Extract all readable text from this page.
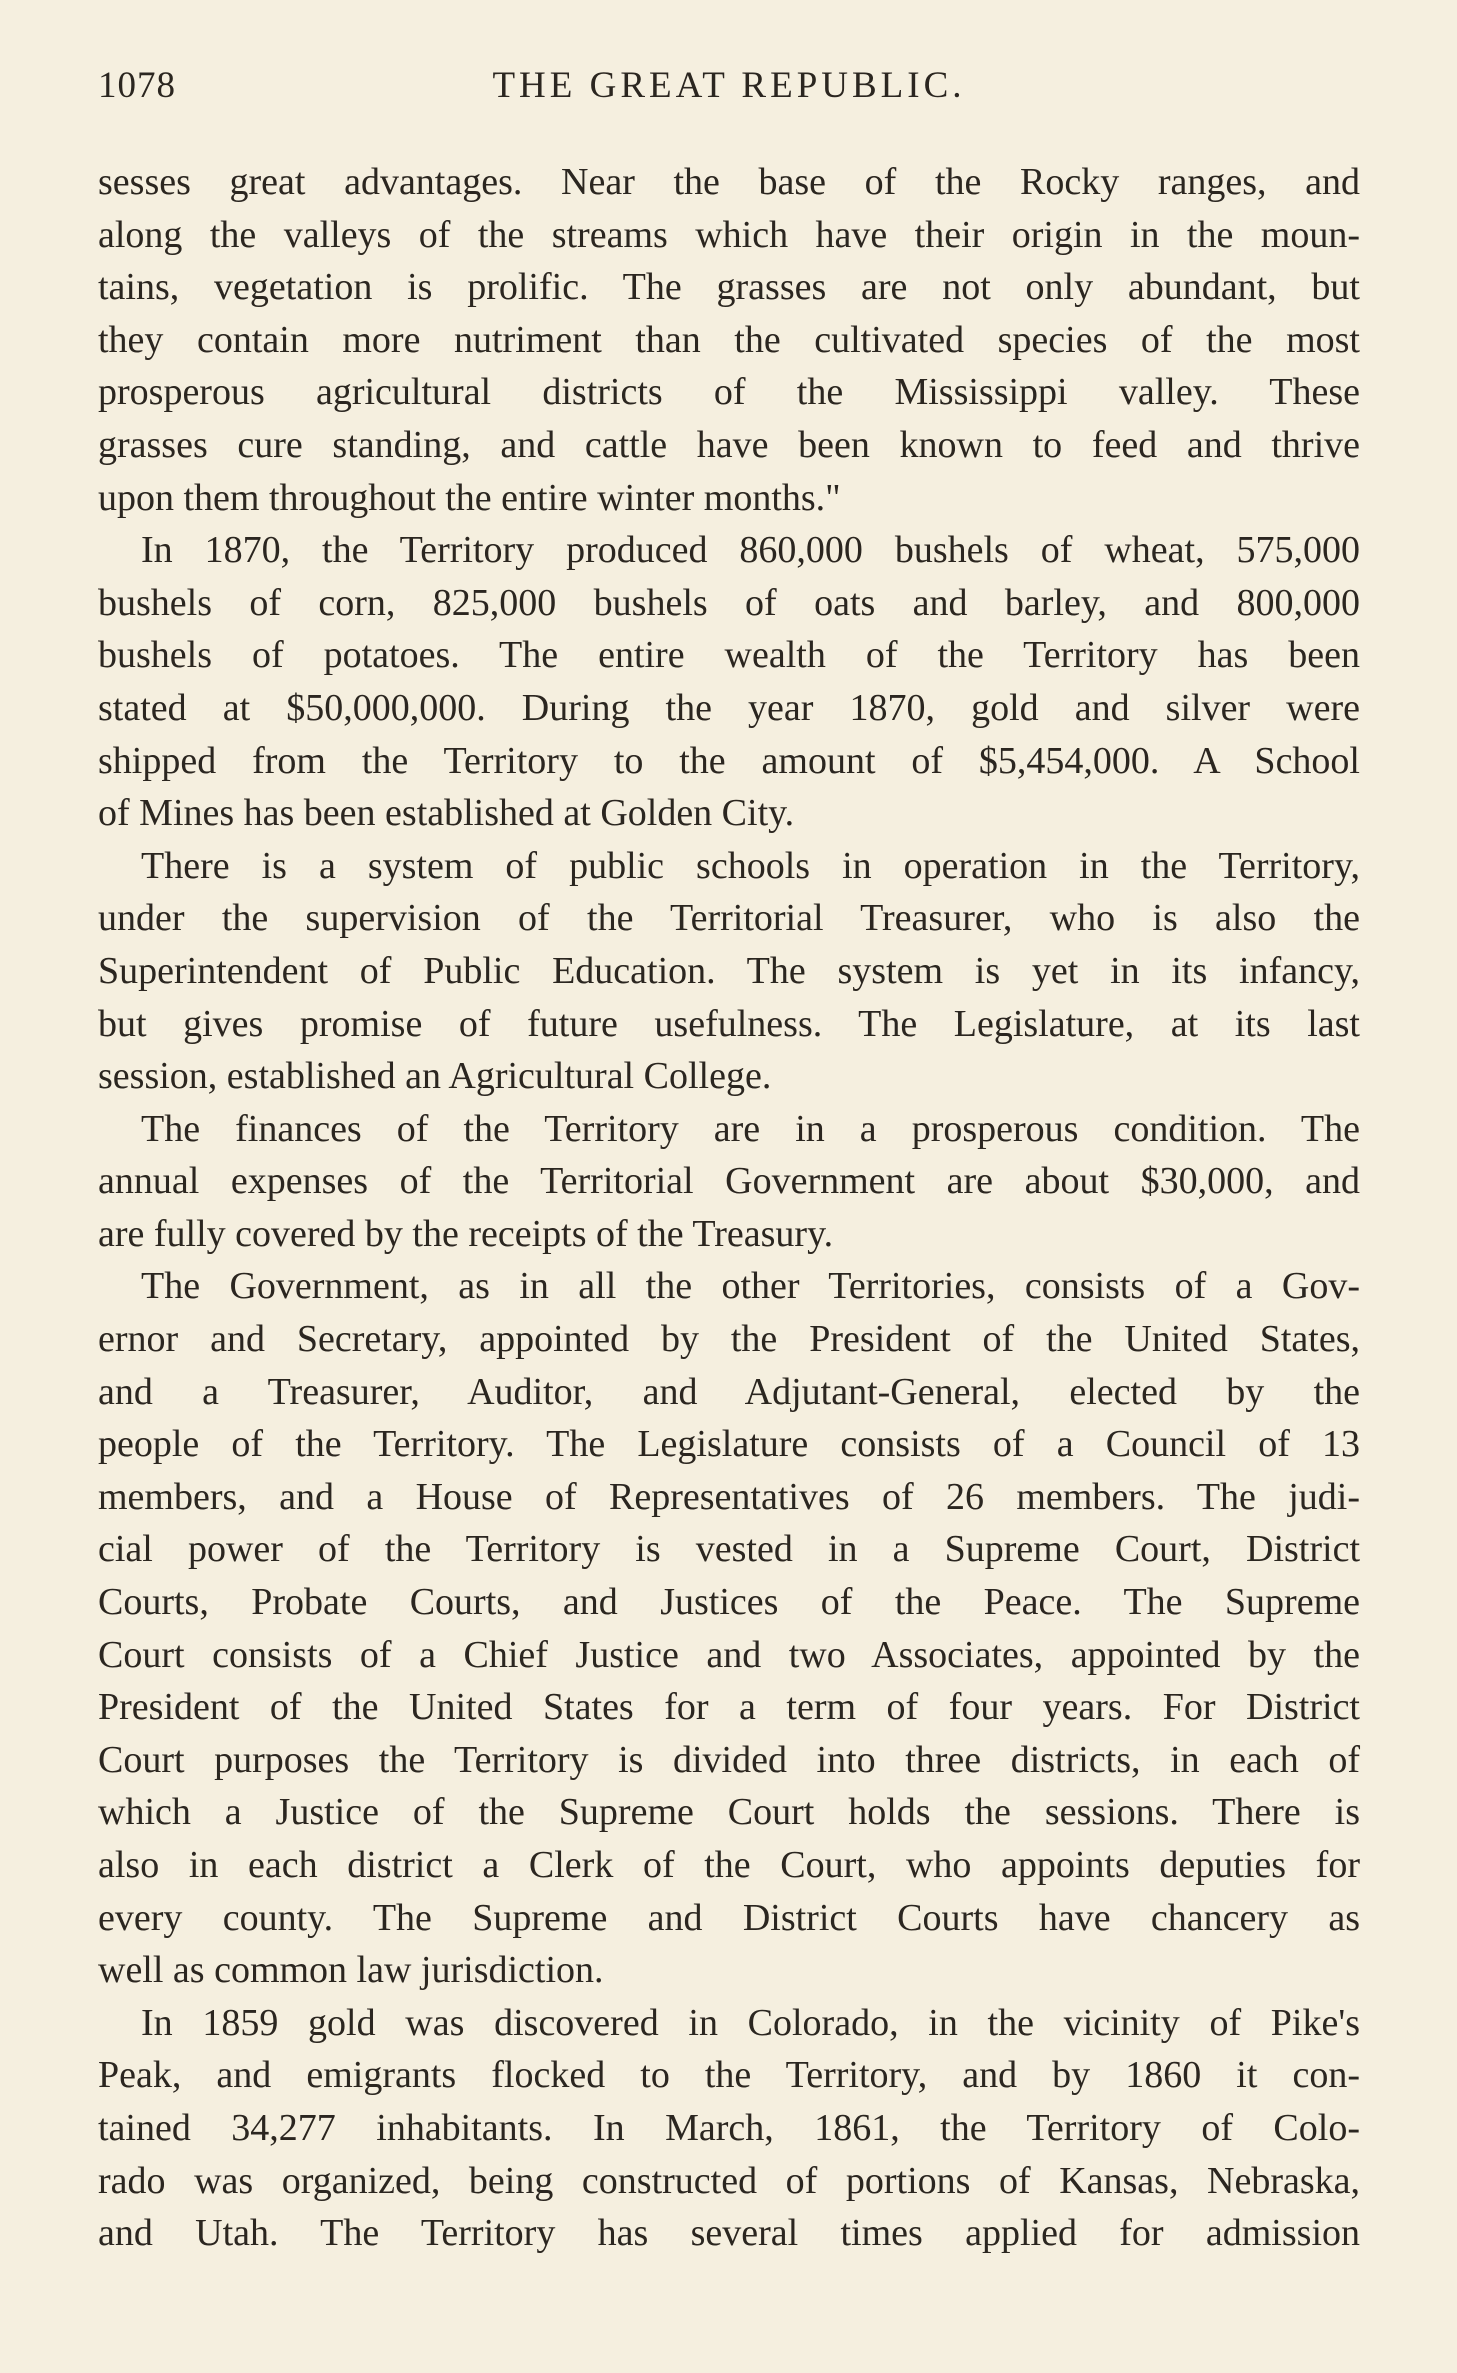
1078	THE GREAT REPUBLIC.
sesses great advantages. Near the base of the Rocky ranges, and
along the valleys of the streams which have their origin in the moun-
tains, vegetation is prolific. The grasses are not only abundant, but
they contain more nutriment than the cultivated species of the most
prosperous agricultural districts of the Mississippi valley. These
grasses cure standing, and cattle have been known to feed and thrive
upon them throughout the entire winter months."
In 1870, the Territory produced 860,000 bushels of wheat, 575,000
bushels of corn, 825,000 bushels of oats and barley, and 800,000
bushels of potatoes. The entire wealth of the Territory has been
stated at $50,000,000. During the year 1870, gold and silver were
shipped from the Territory to the amount of $5,454,000. A School
of Mines has been established at Golden City.
There is a system of public schools in operation in the Territory,
under the supervision of the Territorial Treasurer, who is also the
Superintendent of Public Education. The system is yet in its infancy,
but gives promise of future usefulness. The Legislature, at its last
session, established an Agricultural College.
The finances of the Territory are in a prosperous condition. The
annual expenses of the Territorial Government are about $30,000, and
are fully covered by the receipts of the Treasury.
The Government, as in all the other Territories, consists of a Gov-
ernor and Secretary, appointed by the President of the United States,
and a Treasurer, Auditor, and Adjutant-General, elected by the
people of the Territory. The Legislature consists of a Council of 13
members, and a House of Representatives of 26 members. The judi-
cial power of the Territory is vested in a Supreme Court, District
Courts, Probate Courts, and Justices of the Peace. The Supreme
Court consists of a Chief Justice and two Associates, appointed by the
President of the United States for a term of four years. For District
Court purposes the Territory is divided into three districts, in each of
which a Justice of the Supreme Court holds the sessions. There is
also in each district a Clerk of the Court, who appoints deputies for
every county. The Supreme and District Courts have chancery as
well as common law jurisdiction.
In 1859 gold was discovered in Colorado, in the vicinity of Pike's
Peak, and emigrants flocked to the Territory, and by 1860 it con-
tained 34,277 inhabitants. In March, 1861, the Territory of Colo-
rado was organized, being constructed of portions of Kansas, Nebraska,
and Utah. The Territory has several times applied for admission
